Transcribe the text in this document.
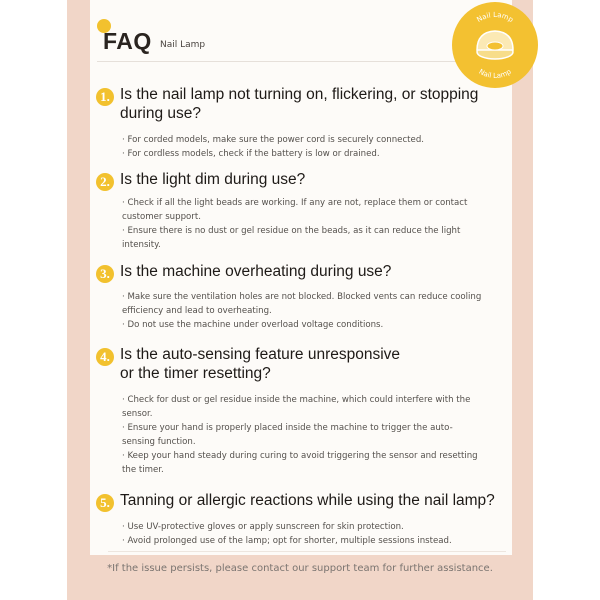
FAQ Nail Lamp
Nail Lamp
Nail Lamp
1. Is the nail lamp not turning on, flickering, or stopping
during use?
· For corded models, make sure the power cord is securely connected.
· For cordless models, check if the battery is low or drained.
2. Is the light dim during use?
· Check if all the light beads are working. If any are not, replace them or contact customer support.
· Ensure there is no dust or gel residue on the beads, as it can reduce the light intensity.
3. Is the machine overheating during use?
· Make sure the ventilation holes are not blocked. Blocked vents can reduce cooling efficiency and lead to overheating.
· Do not use the machine under overload voltage conditions.
4. Is the auto-sensing feature unresponsive
or the timer resetting?
· Check for dust or gel residue inside the machine, which could interfere with the sensor.
· Ensure your hand is properly placed inside the machine to trigger the auto-sensing function.
· Keep your hand steady during curing to avoid triggering the sensor and resetting the timer.
5. Tanning or allergic reactions while using the nail lamp?
· Use UV-protective gloves or apply sunscreen for skin protection.
· Avoid prolonged use of the lamp; opt for shorter, multiple sessions instead.
*If the issue persists, please contact our support team for further assistance.
